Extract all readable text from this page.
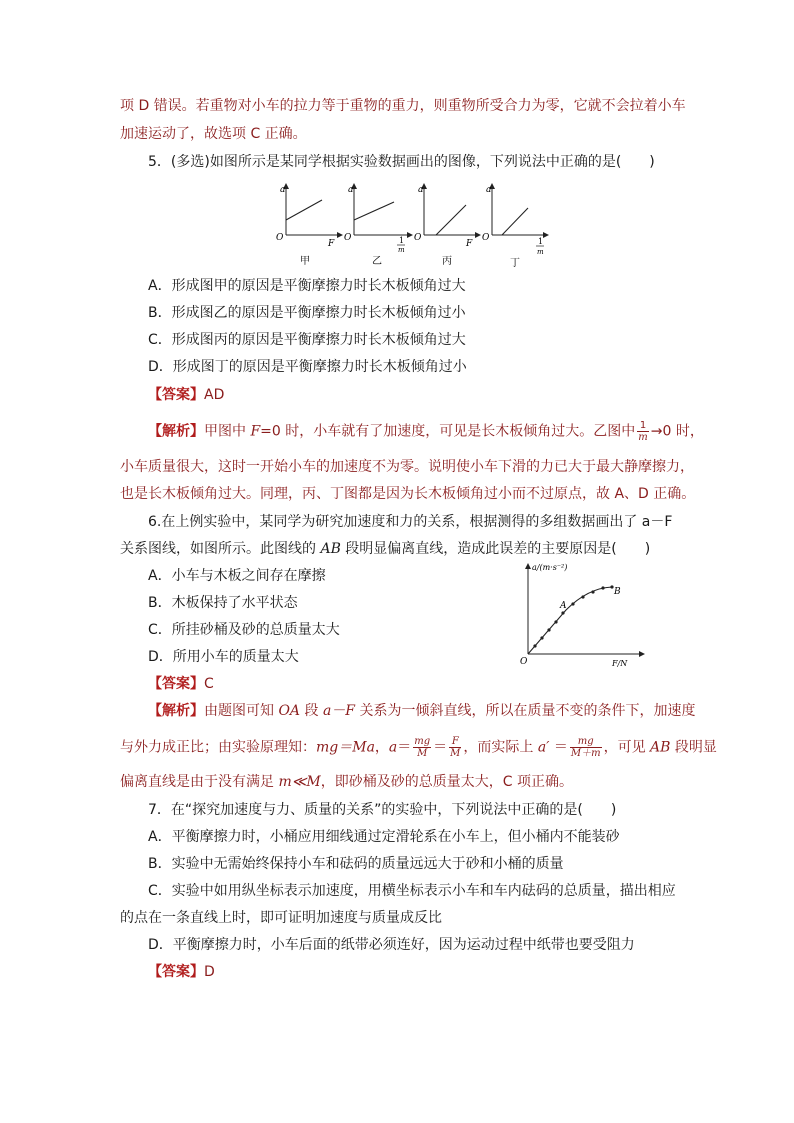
项 D 错误。若重物对小车的拉力等于重物的重力，则重物所受合力为零，它就不会拉着小车
加速运动了，故选项 C 正确。
5．(多选)如图所示是某同学根据实验数据画出的图像，下列说法中正确的是(　　)
a
O
F
甲
a
O	1
m
乙
a
O
F
丙
a
O	1
m
丁
A．形成图甲的原因是平衡摩擦力时长木板倾角过大
B．形成图乙的原因是平衡摩擦力时长木板倾角过小
C．形成图丙的原因是平衡摩擦力时长木板倾角过大
D．形成图丁的原因是平衡摩擦力时长木板倾角过小
【答案】AD
【解析】甲图中 F=0 时，小车就有了加速度，可见是长木板倾角过大。乙图中 $\frac{1}{m} \to 0$ 时，
小车质量很大，这时一开始小车的加速度不为零。说明使小车下滑的力已大于最大静摩擦力，
也是长木板倾角过大。同理，丙、丁图都是因为长木板倾角过小而不过原点，故 A、D 正确。
6.在上例实验中，某同学为研究加速度和力的关系，根据测得的多组数据画出了 a－F
关系图线，如图所示。此图线的 AB 段明显偏离直线，造成此误差的主要原因是(　　)
A．小车与木板之间存在摩擦
B．木板保持了水平状态
C．所挂砂桶及砂的总质量太大
D．所用小车的质量太大
a/(m·s⁻²)
O	F/N
A
B
【答案】C
【解析】由题图可知 OA 段 a－F 关系为一倾斜直线，所以在质量不变的条件下，加速度
与外力成正比；由实验原理知：mg＝Ma，$a= \frac{mg}{M} = \frac{F}{M}$ ，而实际上 $a' = \frac{mg}{M+m}$ ，可见 AB 段明显
偏离直线是由于没有满足 m≪M，即砂桶及砂的总质量太大，C 项正确。
7．在“探究加速度与力、质量的关系”的实验中，下列说法中正确的是(　　)
A．平衡摩擦力时，小桶应用细线通过定滑轮系在小车上，但小桶内不能装砂
B．实验中无需始终保持小车和砝码的质量远远大于砂和小桶的质量
C．实验中如用纵坐标表示加速度，用横坐标表示小车和车内砝码的总质量，描出相应
的点在一条直线上时，即可证明加速度与质量成反比
D．平衡摩擦力时，小车后面的纸带必须连好，因为运动过程中纸带也要受阻力
【答案】D
